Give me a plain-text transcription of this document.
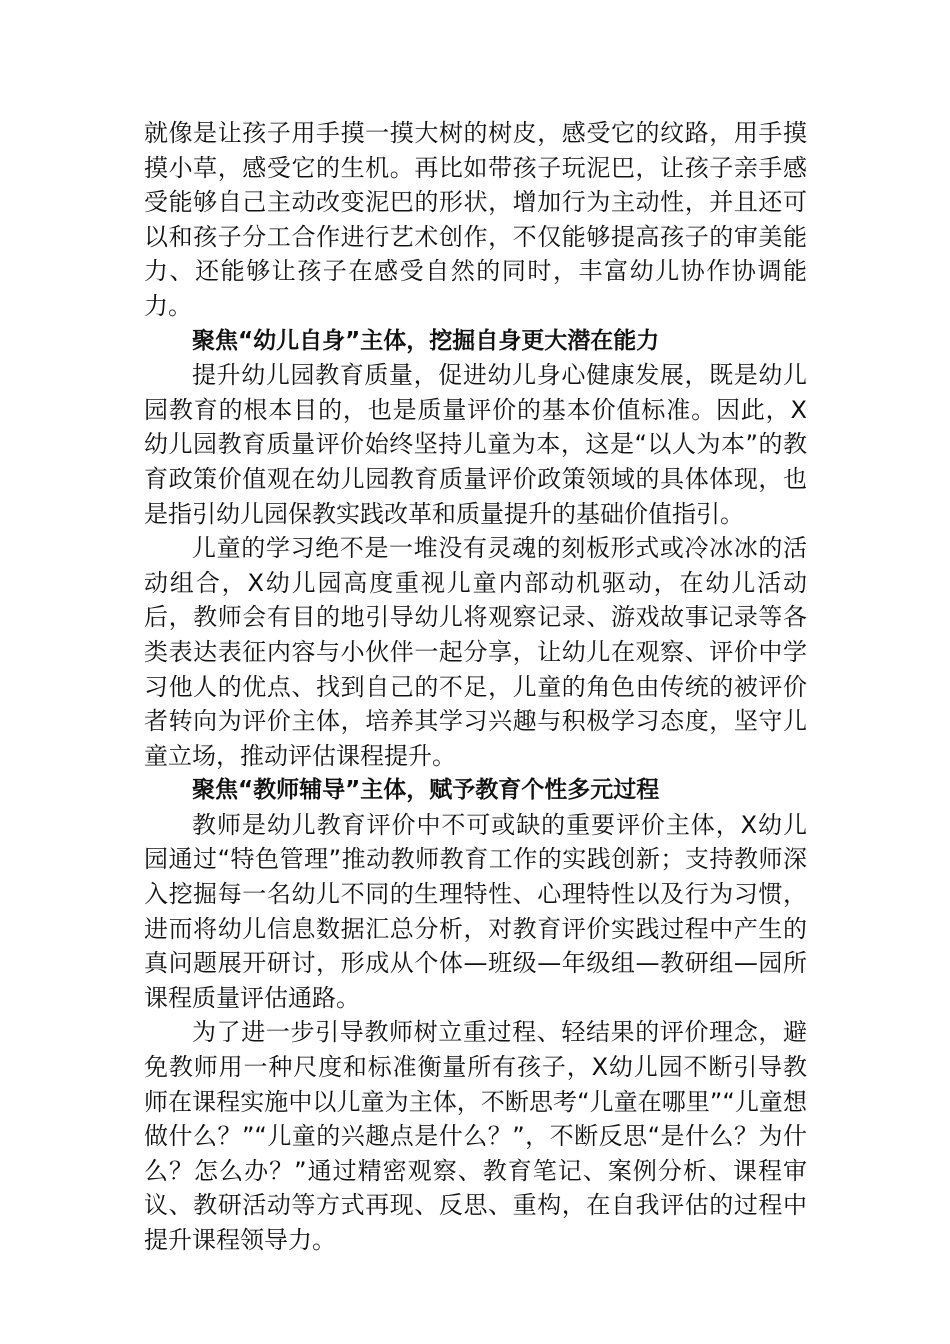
就像是让孩子用手摸一摸大树的树皮，感受它的纹路，用手摸摸小草，感受它的生机。再比如带孩子玩泥巴，让孩子亲手感受能够自己主动改变泥巴的形状，增加行为主动性，并且还可以和孩子分工合作进行艺术创作，不仅能够提高孩子的审美能力、还能够让孩子在感受自然的同时，丰富幼儿协作协调能力。

聚焦“幼儿自身”主体，挖掘自身更大潜在能力

提升幼儿园教育质量，促进幼儿身心健康发展，既是幼儿园教育的根本目的，也是质量评价的基本价值标准。因此，X幼儿园教育质量评价始终坚持儿童为本，这是“以人为本”的教育政策价值观在幼儿园教育质量评价政策领域的具体体现，也是指引幼儿园保教实践改革和质量提升的基础价值指引。

儿童的学习绝不是一堆没有灵魂的刻板形式或冷冰冰的活动组合，X幼儿园高度重视儿童内部动机驱动，在幼儿活动后，教师会有目的地引导幼儿将观察记录、游戏故事记录等各类表达表征内容与小伙伴一起分享，让幼儿在观察、评价中学习他人的优点、找到自己的不足，儿童的角色由传统的被评价者转向为评价主体，培养其学习兴趣与积极学习态度，坚守儿童立场，推动评估课程提升。

聚焦“教师辅导”主体，赋予教育个性多元过程

教师是幼儿教育评价中不可或缺的重要评价主体，X幼儿园通过“特色管理”推动教师教育工作的实践创新；支持教师深入挖掘每一名幼儿不同的生理特性、心理特性以及行为习惯，进而将幼儿信息数据汇总分析，对教育评价实践过程中产生的真问题展开研讨，形成从个体—班级—年级组—教研组—园所课程质量评估通路。

为了进一步引导教师树立重过程、轻结果的评价理念，避免教师用一种尺度和标准衡量所有孩子，X幼儿园不断引导教师在课程实施中以儿童为主体，不断思考“儿童在哪里”“儿童想做什么？”“儿童的兴趣点是什么？”，不断反思“是什么？为什么？怎么办？”通过精密观察、教育笔记、案例分析、课程审议、教研活动等方式再现、反思、重构，在自我评估的过程中提升课程领导力。
